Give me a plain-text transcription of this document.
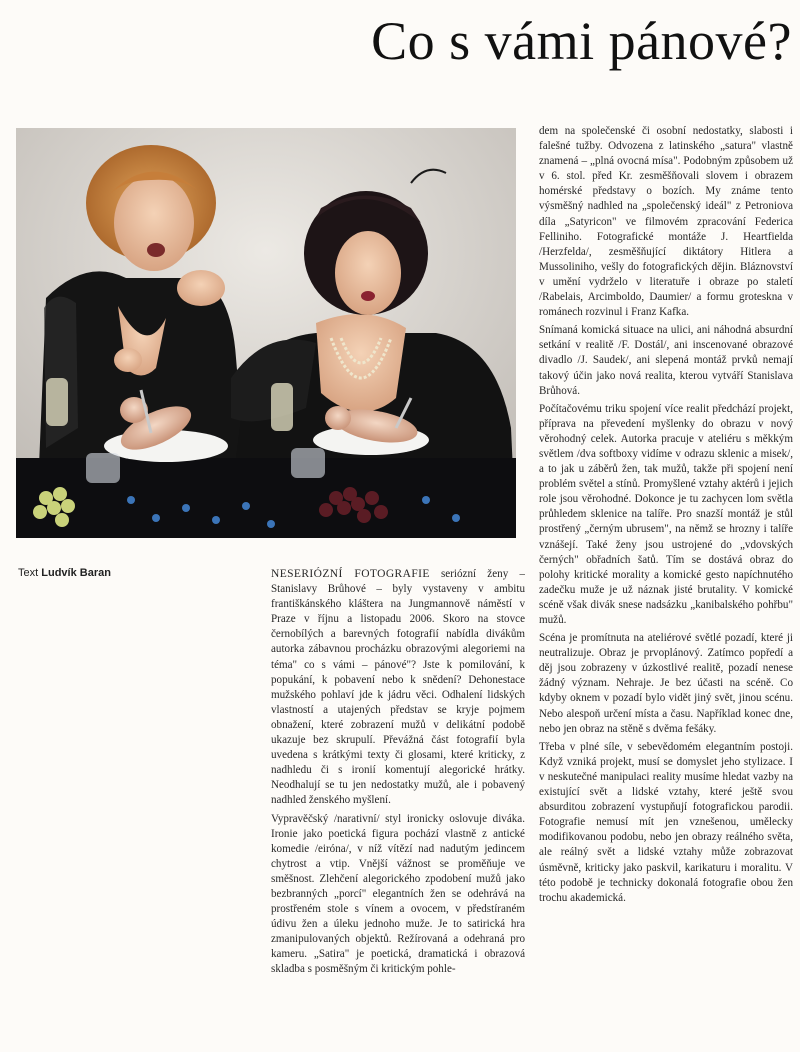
Co s vámi pánové?
Text Ludvík Baran	NESERIÓZNÍ FOTOGRAFIE seriózní ženy – Stanislavy Brůhové – byly vystaveny v ambitu františkánského kláštera na Jungmannově náměstí v Praze v říjnu a listopadu 2006. Skoro na stovce černobílých a barevných fotografií nabídla divákům autorka zábavnou procházku obrazovými alegoriemi na téma" co s vámi – pánové"? Jste k pomilování, k popukání, k pobavení nebo k snědení? Dehonestace mužského pohlaví jde k jádru věci. Odhalení lidských vlastností a utajených představ se kryje pojmem obnažení, které zobrazení mužů v delikátní podobě ukazuje bez skrupulí. Převážná část fotografií byla uvedena s krátkými texty či glosami, které kriticky, z nadhledu či s ironií komentují alegorické hrátky. Neodhalují se tu jen nedostatky mužů, ale i pobavený nadhled ženského myšlení.

Vypravěčský /narativní/ styl ironicky oslovuje diváka. Ironie jako poetická figura pochází vlastně z antické komedie /eiróna/, v níž vítězí nad nadutým jedincem chytrost a vtip. Vnější vážnost se proměňuje ve směšnost. Zlehčení alegorického zpodobení mužů jako bezbranných „porcí" elegantních žen se odehrává na prostřeném stole s vínem a ovocem, v předstíraném údivu žen a úleku jednoho muže. Je to satirická hra zmanipulovaných objektů. Režírovaná a odehraná pro kameru. „Satira" je poetická, dramatická i obrazová skladba s posměšným či kritickým pohle-

dem na společenské či osobní nedostatky, slabosti i falešné tužby. Odvozena z latinského „satura" vlastně znamená – „plná ovocná mísa". Podobným způsobem už v 6. stol. před Kr. zesměšňovali slovem i obrazem homérské představy o bozích. My známe tento výsměšný nadhled na „společenský ideál" z Petroniova díla „Satyricon" ve filmovém zpracování Federica Felliniho. Fotografické montáže J. Heartfielda /Herzfelda/, zesměšňující diktátory Hitlera a Mussoliniho, vešly do fotografických dějin. Bláznovství v umění vydrželo v literatuře i obraze po staletí /Rabelais, Arcimboldo, Daumier/ a formu groteskna v románech rozvinul i Franz Kafka.

Snímaná komická situace na ulici, ani náhodná absurdní setkání v realitě /F. Dostál/, ani inscenované obrazové divadlo /J. Saudek/, ani slepená montáž prvků nemají takový účin jako nová realita, kterou vytváří Stanislava Brůhová.

Počítačovému triku spojení více realit předchází projekt, příprava na převedení myšlenky do obrazu v nový věrohodný celek. Autorka pracuje v ateliéru s měkkým světlem /dva softboxy vidíme v odrazu sklenic a misek/, a to jak u záběrů žen, tak mužů, takže při spojení není problém světel a stínů. Promyšlené vztahy aktérů i jejich role jsou věrohodné. Dokonce je tu zachycen lom světla průhledem sklenice na talíře. Pro snazší montáž je stůl prostřený „černým ubrusem", na němž se hrozny i talíře vznášejí. Také ženy jsou ustrojené do „vdovských černých" obřadních šatů. Tím se dostává obraz do polohy kritické morality a komické gesto napíchnutého zadečku muže je už náznak jisté brutality. V komické scéně však divák snese nadsázku „kanibalského pohřbu" mužů.

Scéna je promítnuta na ateliérové světlé pozadí, které ji neutralizuje. Obraz je prvoplánový. Zatímco popředí a děj jsou zobrazeny v úzkostlivé realitě, pozadí nenese žádný význam. Nehraje. Je bez účasti na scéně. Co kdyby oknem v pozadí bylo vidět jiný svět, jinou scénu. Nebo alespoň určení místa a času. Například konec dne, nebo jen obraz na stěně s dvěma fešáky.

Třeba v plné síle, v sebevědomém elegantním postoji. Když vzniká projekt, musí se domyslet jeho stylizace. I v neskutečné manipulaci reality musíme hledat vazby na existující svět a lidské vztahy, které ještě svou absurditou zobrazení vystupňují fotografickou parodii. Fotografie nemusí mít jen vznešenou, umělecky modifikovanou podobu, nebo jen obrazy reálného světa, ale reálný svět a lidské vztahy může zobrazovat úsměvně, kriticky jako paskvil, karikaturu i moralitu. V této podobě je technicky dokonalá fotografie obou žen trochu akademická.
